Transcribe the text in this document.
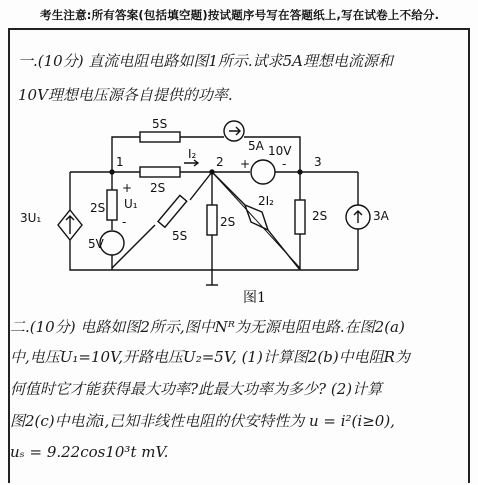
考生注意:所有答案(包括填空题)按试题序号写在答题纸上,写在试卷上不给分.
一.(10分) 直流电阻电路如图1所示.试求5A理想电流源和
10V理想电压源各自提供的功率.
5S
5A
1	2	3
I₂
2S
+
10V
-
3U₁
2S
+
U₁
-
5V
5S
2S
2I₂
2S	3A
图1
二.(10分) 电路如图2所示,图中Nᴿ为无源电阻电路.在图2(a)
中,电压U₁=10V,开路电压U₂=5V, (1)计算图2(b)中电阻R为
何值时它才能获得最大功率?此最大功率为多少? (2)计算
图2(c)中电流i,已知非线性电阻的伏安特性为 u = i²(i≥0),
uₛ = 9.22cos10³t mV.
